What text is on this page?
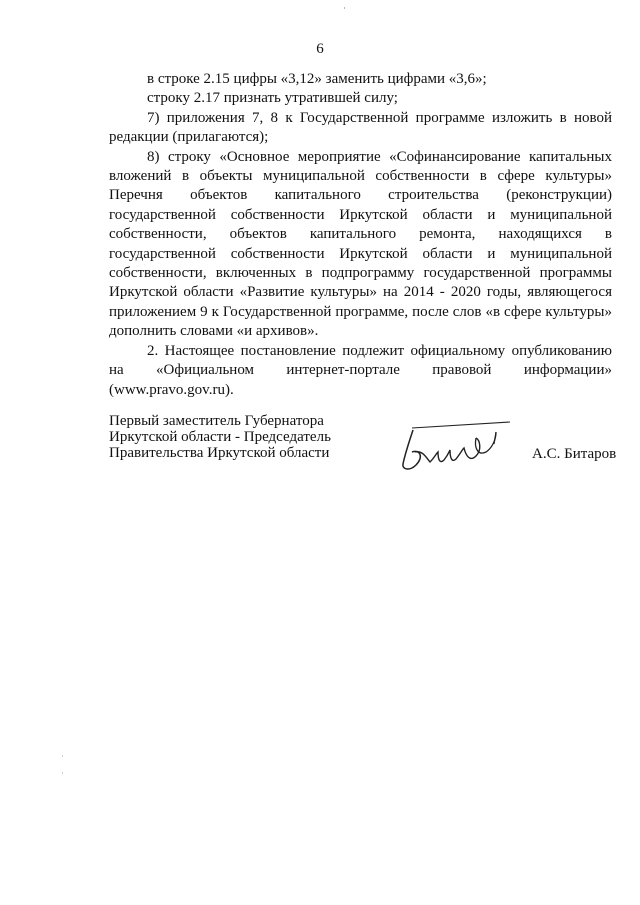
6

в строке 2.15 цифры «3,12» заменить цифрами «3,6»;

строку 2.17 признать утратившей силу;

7) приложения 7, 8 к Государственной программе изложить в новой редакции (прилагаются);

8) строку «Основное мероприятие «Софинансирование капитальных вложений в объекты муниципальной собственности в сфере культуры» Перечня объектов капитального строительства (реконструкции) государственной собственности Иркутской области и муниципальной собственности, объектов капитального ремонта, находящихся в государственной собственности Иркутской области и муниципальной собственности, включенных в подпрограмму государственной программы Иркутской области «Развитие культуры» на 2014 - 2020 годы, являющегося приложением 9 к Государственной программе, после слов «в сфере культуры» дополнить словами «и архивов».

2. Настоящее постановление подлежит официальному опубликованию на «Официальном интернет-портале правовой информации» (www.pravo.gov.ru).

Первый заместитель Губернатора
Иркутской области - Председатель
Правительства Иркутской области	А.С. Битаров
